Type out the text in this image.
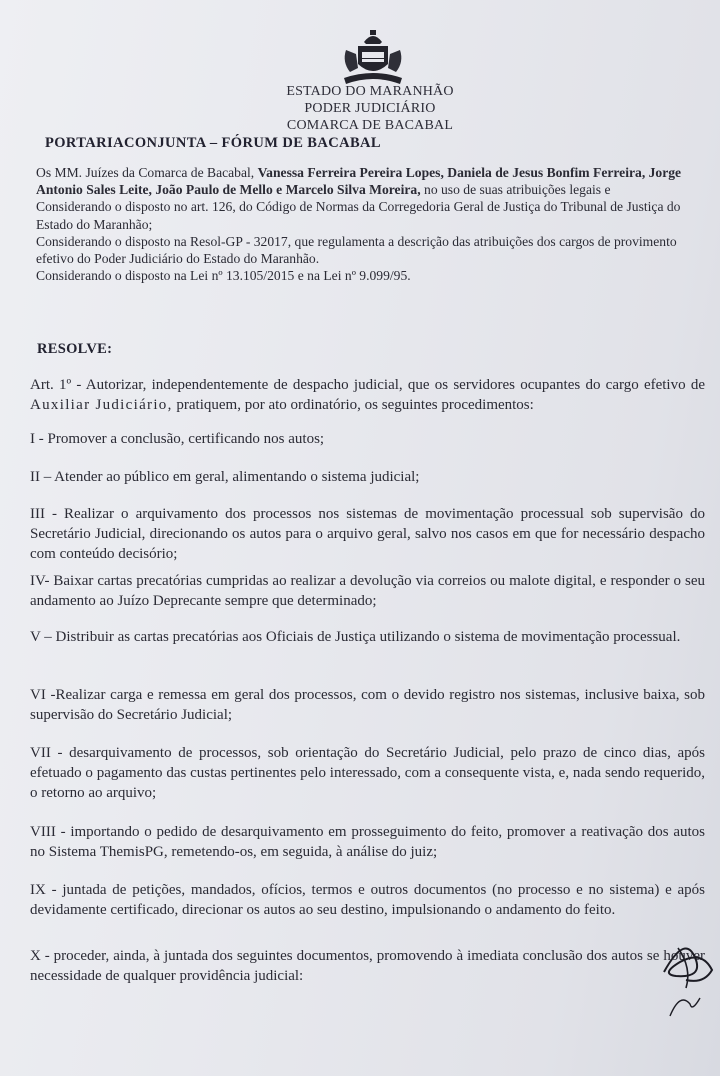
ESTADO DO MARANHÃO
PODER JUDICIÁRIO
COMARCA DE BACABAL
PORTARIACONJUNTA – FÓRUM DE BACABAL

Os MM. Juízes da Comarca de Bacabal, Vanessa Ferreira Pereira Lopes, Daniela de Jesus Bonfim Ferreira, Jorge Antonio Sales Leite, João Paulo de Mello e Marcelo Silva Moreira, no uso de suas atribuições legais e

Considerando o disposto no art. 126, do Código de Normas da Corregedoria Geral de Justiça do Tribunal de Justiça do Estado do Maranhão;

Considerando o disposto na Resol-GP - 32017, que regulamenta a descrição das atribuições dos cargos de provimento efetivo do Poder Judiciário do Estado do Maranhão.

Considerando o disposto na Lei nº 13.105/2015 e na Lei nº 9.099/95.

RESOLVE:

Art. 1º - Autorizar, independentemente de despacho judicial, que os servidores ocupantes do cargo efetivo de Auxiliar Judiciário, pratiquem, por ato ordinatório, os seguintes procedimentos:

I - Promover a conclusão, certificando nos autos;
II – Atender ao público em geral, alimentando o sistema judicial;
III - Realizar o arquivamento dos processos nos sistemas de movimentação processual sob supervisão do Secretário Judicial, direcionando os autos para o arquivo geral, salvo nos casos em que for necessário despacho com conteúdo decisório;
IV- Baixar cartas precatórias cumpridas ao realizar a devolução via correios ou malote digital, e responder o seu andamento ao Juízo Deprecante sempre que determinado;
V – Distribuir as cartas precatórias aos Oficiais de Justiça utilizando o sistema de movimentação processual.
VI -Realizar carga e remessa em geral dos processos, com o devido registro nos sistemas, inclusive baixa, sob supervisão do Secretário Judicial;
VII - desarquivamento de processos, sob orientação do Secretário Judicial, pelo prazo de cinco dias, após efetuado o pagamento das custas pertinentes pelo interessado, com a consequente vista, e, nada sendo requerido, o retorno ao arquivo;
VIII - importando o pedido de desarquivamento em prosseguimento do feito, promover a reativação dos autos no Sistema ThemisPG, remetendo-os, em seguida, à análise do juiz;
IX - juntada de petições, mandados, ofícios, termos e outros documentos (no processo e no sistema) e após devidamente certificado, direcionar os autos ao seu destino, impulsionando o andamento do feito.
X - proceder, ainda, à juntada dos seguintes documentos, promovendo à imediata conclusão dos autos se houver necessidade de qualquer providência judicial:
